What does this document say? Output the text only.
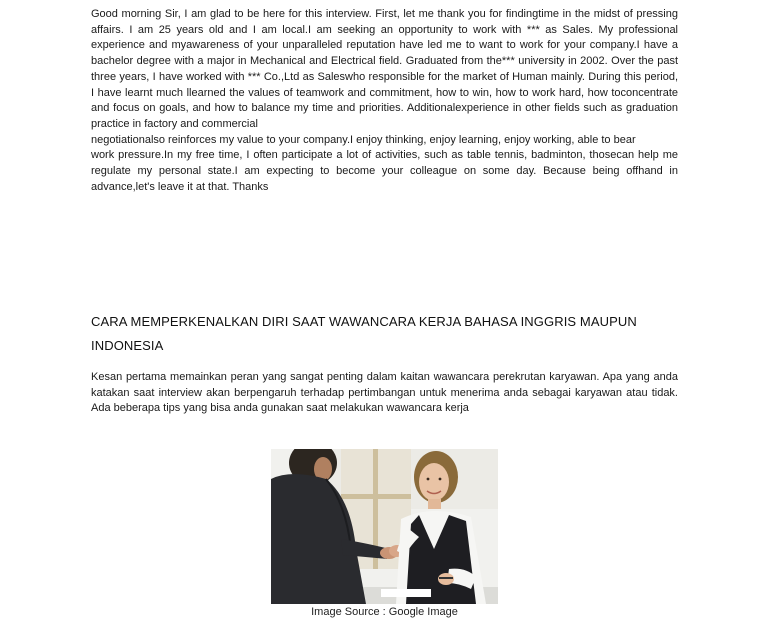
Good morning Sir, I am glad to be here for this interview. First, let me thank you for findingtime in the midst of pressing affairs. I am 25 years old and I am local.I am seeking an opportunity to work with *** as Sales. My professional experience and myawareness of your unparalleled reputation have led me to want to work for your company.I have a bachelor degree with a major in Mechanical and Electrical field. Graduated from the*** university in 2002. Over the past three years, I have worked with *** Co.,Ltd as Saleswho responsible for the market of Human mainly. During this period, I have learnt much llearned the values of teamwork and commitment, how to win, how to work hard, how toconcentrate and focus on goals, and how to balance my time and priorities. Additionalexperience in other fields such as graduation practice in factory and commercial
negotiationalso reinforces my value to your company.I enjoy thinking, enjoy learning, enjoy working, able to bear
work pressure.In my free time, I often participate a lot of activities, such as table tennis, badminton, thosecan help me regulate my personal state.I am expecting to become your colleague on some day. Because being offhand in advance,let's leave it at that. Thanks

CARA MEMPERKENALKAN DIRI SAAT WAWANCARA KERJA BAHASA INGGRIS MAUPUN INDONESIA

Kesan pertama memainkan peran yang sangat penting dalam kaitan wawancara perekrutan karyawan. Apa yang anda katakan saat interview akan berpengaruh terhadap pertimbangan untuk menerima anda sebagai karyawan atau tidak. Ada beberapa tips yang bisa anda gunakan saat melakukan wawancara kerja

Image Source : Google Image
